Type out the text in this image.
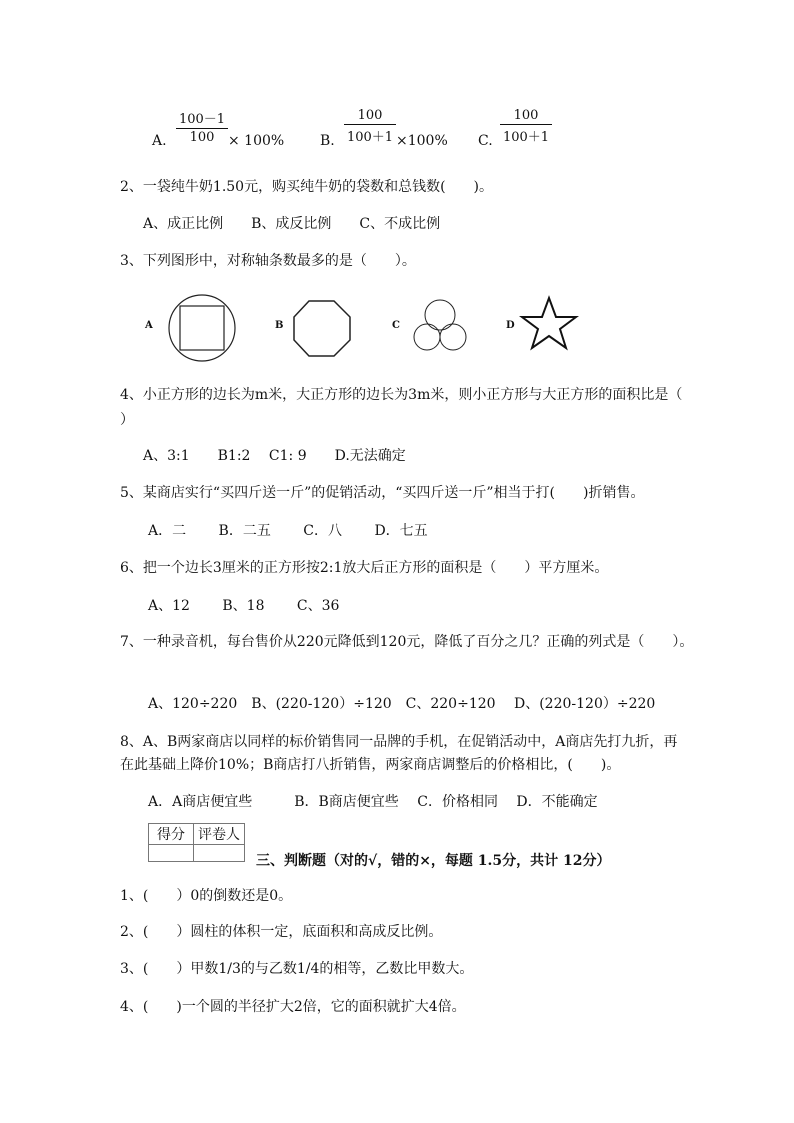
A.
100－1
100 × 100%	B.
100
100＋1 ×100% C.
100
100＋1
2、一袋纯牛奶1.50元，购买纯牛奶的袋数和总钱数(　　)。
A、成正比例　　B、成反比例　　C、不成比例
3、下列图形中，对称轴条数最多的是（　　）。
A	B	C	D
4、小正方形的边长为m米，大正方形的边长为3m米，则小正方形与大正方形的面积比是（
）
A、3:1　　B1:2　 C1: 9　　D.无法确定
5、某商店实行“买四斤送一斤”的促销活动，“买四斤送一斤”相当于打(　　)折销售。
A．二　　 B．二五　　 C．八　　 D．七五
6、把一个边长3厘米的正方形按2:1放大后正方形的面积是（　　）平方厘米。
A、12　　 B、18　　 C、36
7、一种录音机，每台售价从220元降低到120元，降低了百分之几？正确的列式是（　　）。
A、120÷220　B、(220-120）÷120　C、220÷120　 D、(220-120）÷220
8、A、B两家商店以同样的标价销售同一品牌的手机，在促销活动中，A商店先打九折，再
在此基础上降价10%；B商店打八折销售，两家商店调整后的价格相比，(　　)。
A．A商店便宜些　　　B．B商店便宜些　 C．价格相同　 D．不能确定
得分	评卷人

三、判断题（对的√，错的×，每题 1.5分，共计 12分）
1、(　　）0的倒数还是0。
2、(　　）圆柱的体积一定，底面积和高成反比例。
3、(　　）甲数1/3的与乙数1/4的相等，乙数比甲数大。
4、(　　)一个圆的半径扩大2倍，它的面积就扩大4倍。
